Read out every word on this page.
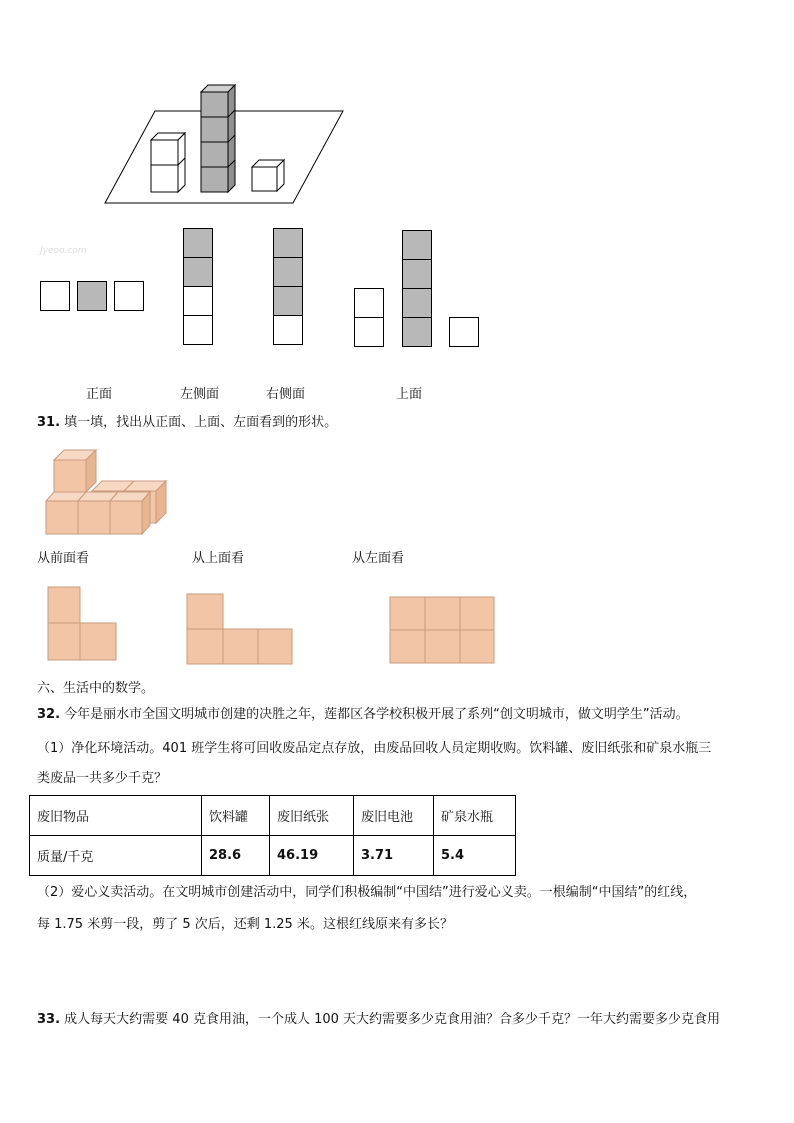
Jyeoo.com
正面	左侧面	右侧面	上面
31. 填一填，找出从正面、上面、左面看到的形状。
从前面看	从上面看	从左面看
六、生活中的数学。
32. 今年是丽水市全国文明城市创建的决胜之年，莲都区各学校积极开展了系列“创文明城市，做文明学生”活动。
（1）净化环境活动。401 班学生将可回收废品定点存放，由废品回收人员定期收购。饮料罐、废旧纸张和矿泉水瓶三
类废品一共多少千克？
废旧物品	饮料罐	废旧纸张	废旧电池	矿泉水瓶
质量/千克	28.6	46.19	3.71	5.4
（2）爱心义卖活动。在文明城市创建活动中，同学们积极编制“中国结”进行爱心义卖。一根编制“中国结”的红线，
每 1.75 米剪一段，剪了 5 次后，还剩 1.25 米。这根红线原来有多长？
33. 成人每天大约需要 40 克食用油，一个成人 100 天大约需要多少克食用油？合多少千克？一年大约需要多少克食用
